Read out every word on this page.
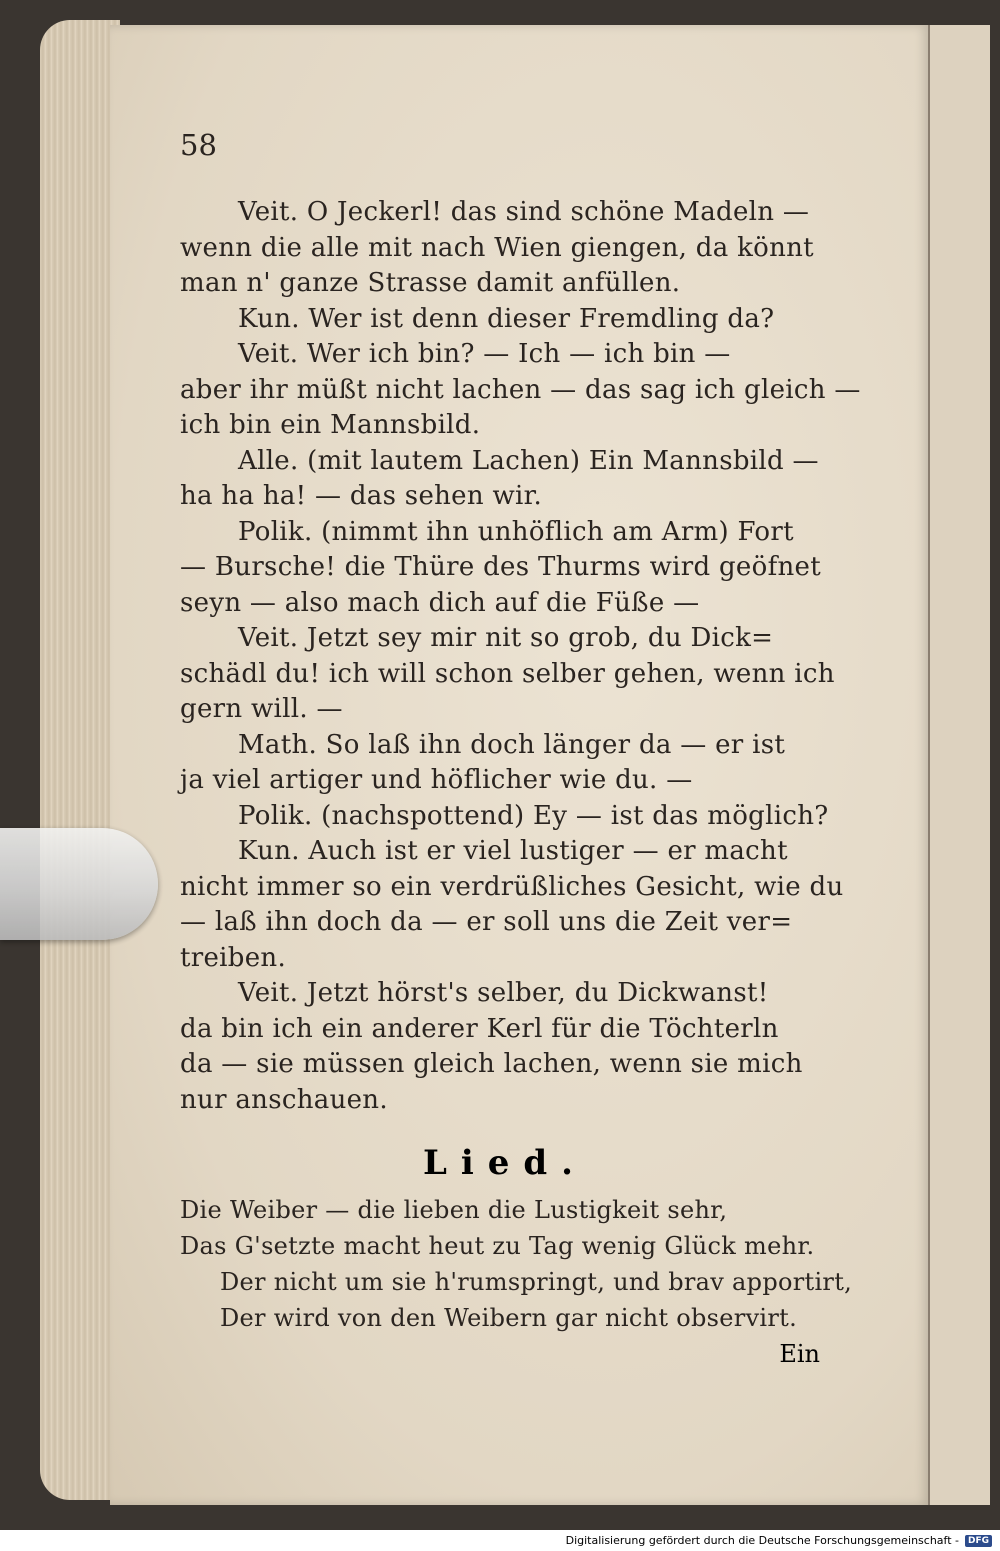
58
Veit. O Jeckerl! das sind schöne Madeln —
wenn die alle mit nach Wien giengen, da könnt
man n' ganze Strasse damit anfüllen.
Kun. Wer ist denn dieser Fremdling da?
Veit. Wer ich bin? — Ich — ich bin —
aber ihr müßt nicht lachen — das sag ich gleich —
ich bin ein Mannsbild.
Alle. (mit lautem Lachen) Ein Mannsbild —
ha ha ha! — das sehen wir.
Polik. (nimmt ihn unhöflich am Arm) Fort
— Bursche! die Thüre des Thurms wird geöfnet
seyn — also mach dich auf die Füße —
Veit. Jetzt sey mir nit so grob, du Dick=
schädl du! ich will schon selber gehen, wenn ich
gern will. —
Math. So laß ihn doch länger da — er ist
ja viel artiger und höflicher wie du. —
Polik. (nachspottend) Ey — ist das möglich?
Kun. Auch ist er viel lustiger — er macht
nicht immer so ein verdrüßliches Gesicht, wie du
— laß ihn doch da — er soll uns die Zeit ver=
treiben.
Veit. Jetzt hörst's selber, du Dickwanst!
da bin ich ein anderer Kerl für die Töchterln
da — sie müssen gleich lachen, wenn sie mich
nur anschauen.
Lied.
Die Weiber — die lieben die Lustigkeit sehr,
Das G'setzte macht heut zu Tag wenig Glück mehr.
Der nicht um sie h'rumspringt, und brav apportirt,
Der wird von den Weibern gar nicht observirt.
Ein
Digitalisierung gefördert durch die Deutsche Forschungsgemeinschaft -	DFG
